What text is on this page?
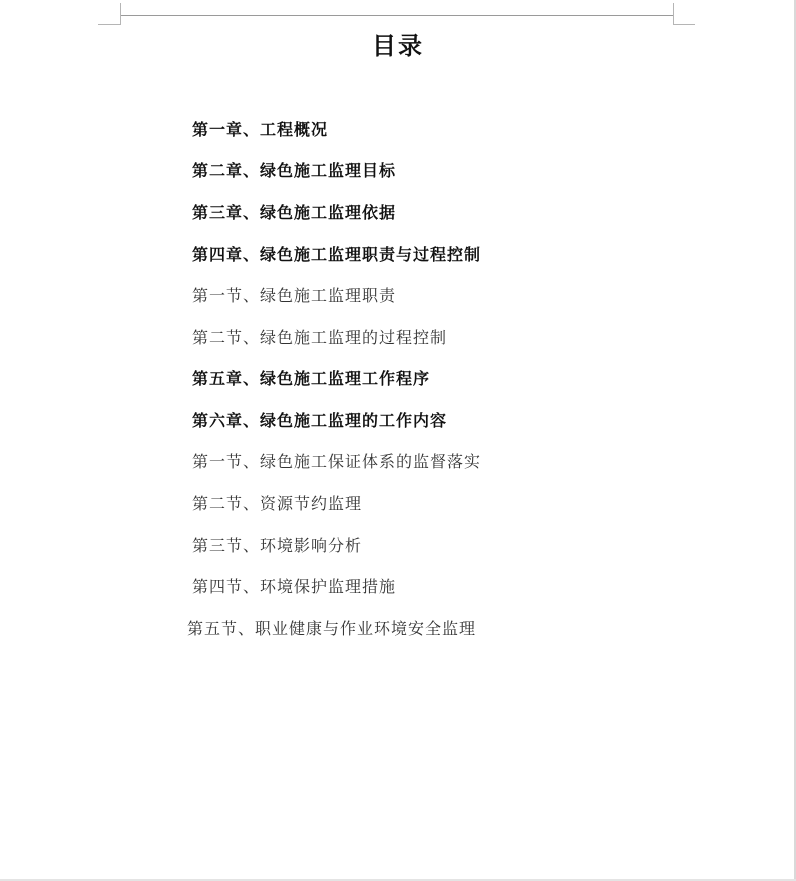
目录
第一章、工程概况
第二章、绿色施工监理目标
第三章、绿色施工监理依据
第四章、绿色施工监理职责与过程控制
第一节、绿色施工监理职责
第二节、绿色施工监理的过程控制
第五章、绿色施工监理工作程序
第六章、绿色施工监理的工作内容
第一节、绿色施工保证体系的监督落实
第二节、资源节约监理
第三节、环境影响分析
第四节、环境保护监理措施
第五节、职业健康与作业环境安全监理
